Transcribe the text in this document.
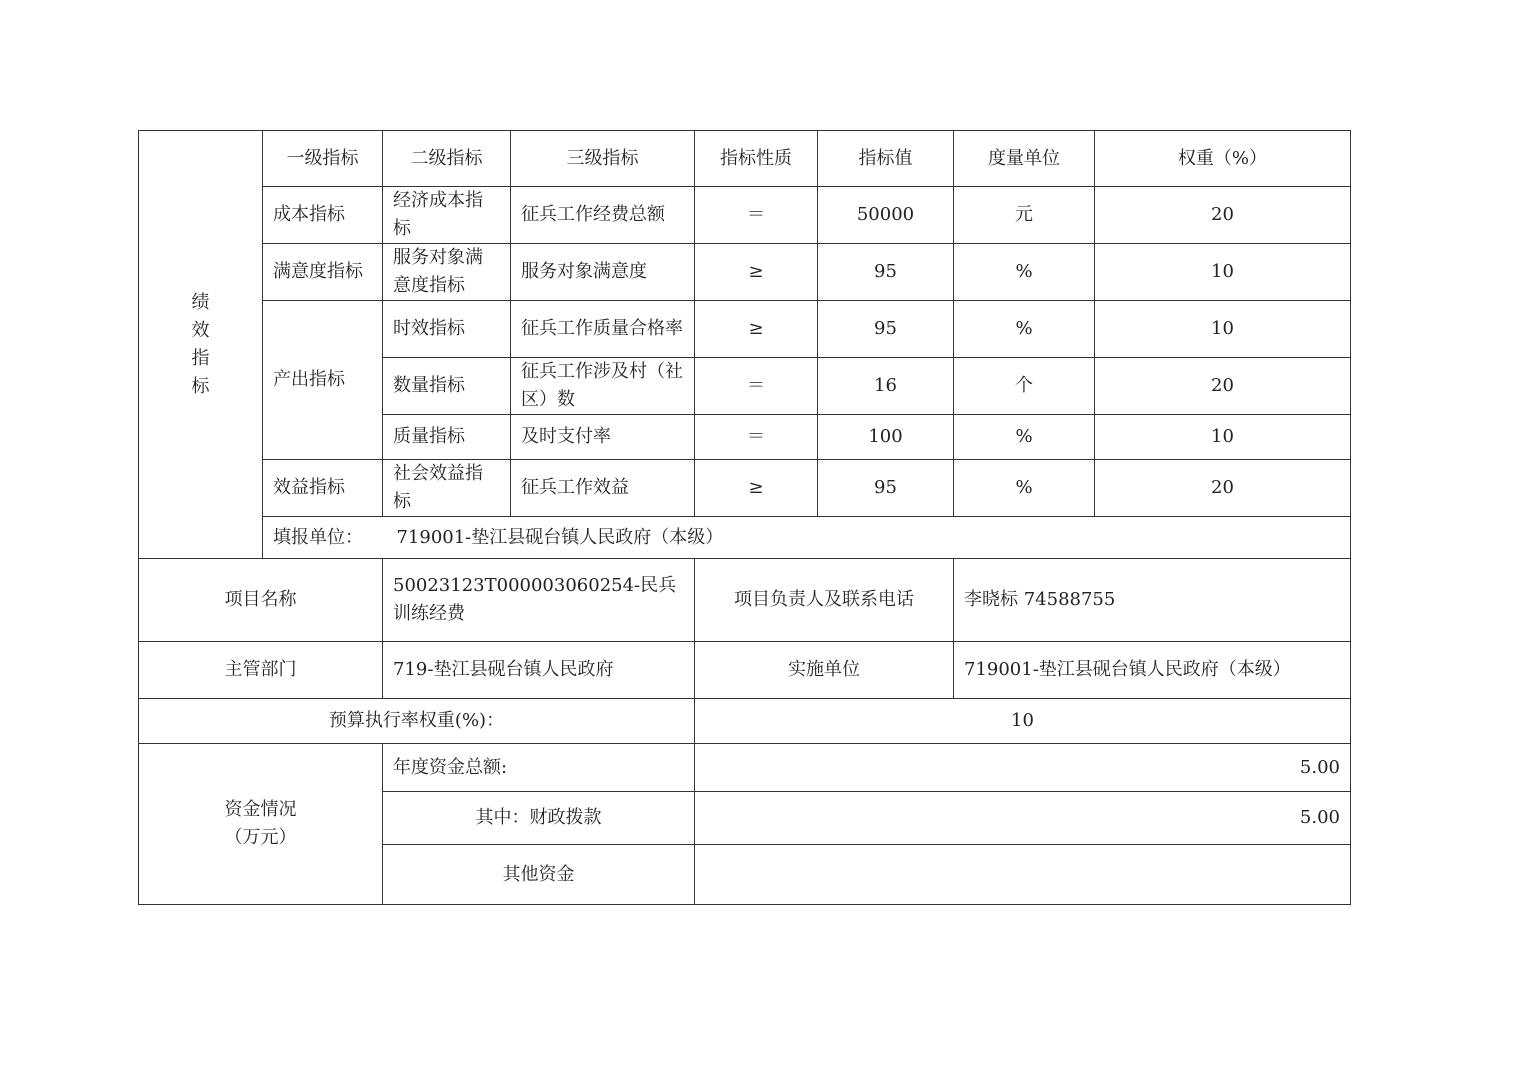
绩
效
指
标	一级指标	二级指标	三级指标	指标性质	指标值	度量单位	权重（%）
	成本指标	经济成本指标	征兵工作经费总额	＝	50000	元	20
	满意度指标	服务对象满意度指标	服务对象满意度	≥	95	%	10
	产出指标	时效指标	征兵工作质量合格率	≥	95	%	10
		数量指标	征兵工作涉及村（社区）数	＝	16	个	20
		质量指标	及时支付率	＝	100	%	10
	效益指标	社会效益指标	征兵工作效益	≥	95	%	20
	填报单位： 719001-垫江县砚台镇人民政府（本级）						
项目名称		50023123T000003060254-民兵训练经费		项目负责人及联系电话		李晓标 74588755	
主管部门		719-垫江县砚台镇人民政府		实施单位		719001-垫江县砚台镇人民政府（本级）	
预算执行率权重(%)：				10			

资金情况
（万元）		年度资金总额:		5.00			
		其中：财政拨款		5.00			
		其他资金					
